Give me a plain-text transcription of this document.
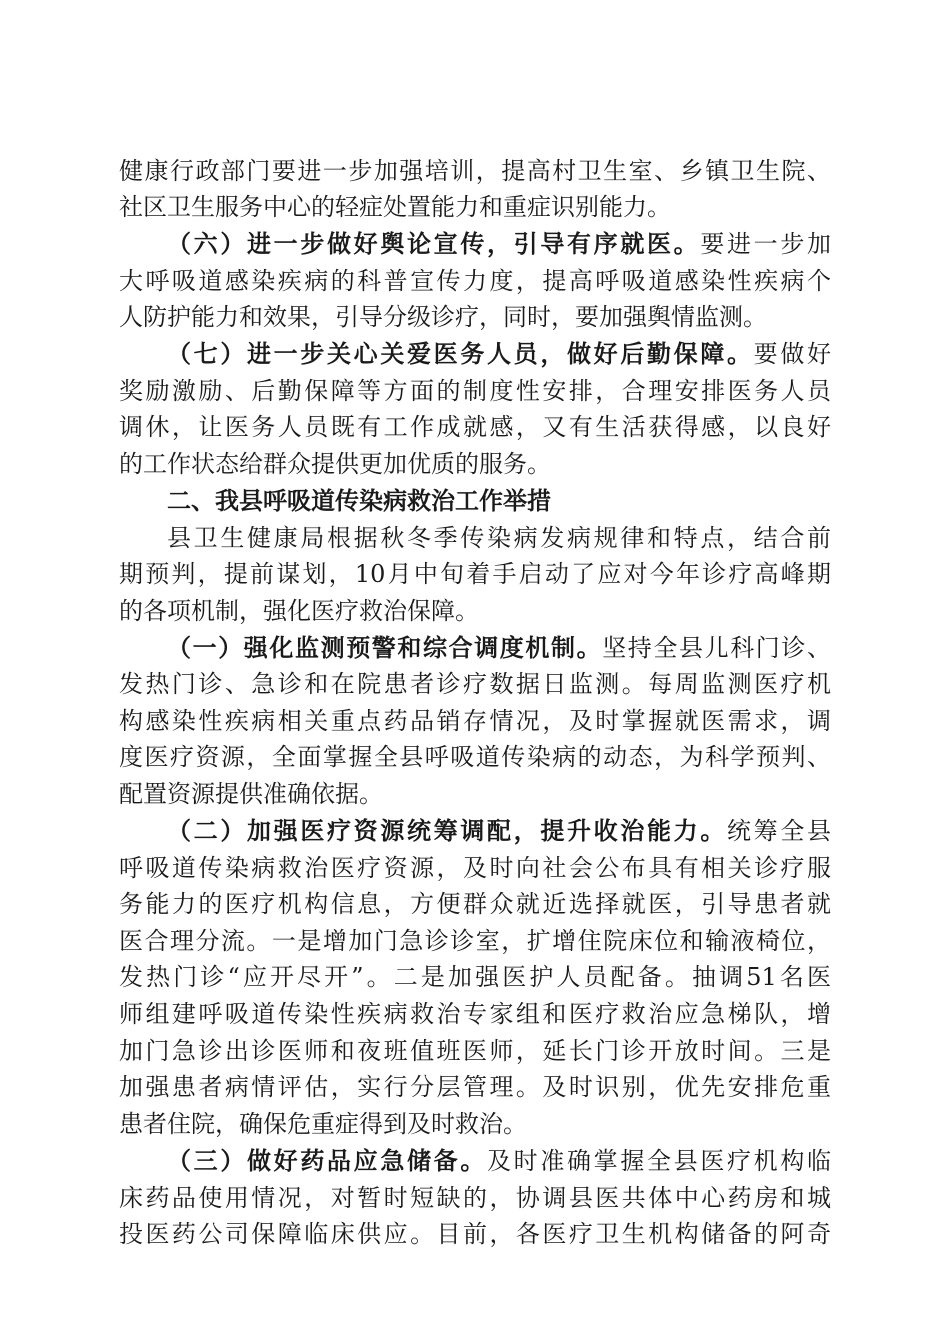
健康行政部门要进一步加强培训，提高村卫生室、乡镇卫生院、
社区卫生服务中心的轻症处置能力和重症识别能力。
（六）进一步做好舆论宣传，引导有序就医。要进一步加
大呼吸道感染疾病的科普宣传力度，提高呼吸道感染性疾病个
人防护能力和效果，引导分级诊疗，同时，要加强舆情监测。
（七）进一步关心关爱医务人员，做好后勤保障。要做好
奖励激励、后勤保障等方面的制度性安排，合理安排医务人员
调休，让医务人员既有工作成就感，又有生活获得感，以良好
的工作状态给群众提供更加优质的服务。
二、我县呼吸道传染病救治工作举措
县卫生健康局根据秋冬季传染病发病规律和特点，结合前
期预判，提前谋划，10月中旬着手启动了应对今年诊疗高峰期
的各项机制，强化医疗救治保障。
（一）强化监测预警和综合调度机制。坚持全县儿科门诊、
发热门诊、急诊和在院患者诊疗数据日监测。每周监测医疗机
构感染性疾病相关重点药品销存情况，及时掌握就医需求，调
度医疗资源，全面掌握全县呼吸道传染病的动态，为科学预判、
配置资源提供准确依据。
（二）加强医疗资源统筹调配，提升收治能力。统筹全县
呼吸道传染病救治医疗资源，及时向社会公布具有相关诊疗服
务能力的医疗机构信息，方便群众就近选择就医，引导患者就
医合理分流。一是增加门急诊诊室，扩增住院床位和输液椅位，
发热门诊“应开尽开”。二是加强医护人员配备。抽调51名医
师组建呼吸道传染性疾病救治专家组和医疗救治应急梯队，增
加门急诊出诊医师和夜班值班医师，延长门诊开放时间。三是
加强患者病情评估，实行分层管理。及时识别，优先安排危重
患者住院，确保危重症得到及时救治。
（三）做好药品应急储备。及时准确掌握全县医疗机构临
床药品使用情况，对暂时短缺的，协调县医共体中心药房和城
投医药公司保障临床供应。目前，各医疗卫生机构储备的阿奇
